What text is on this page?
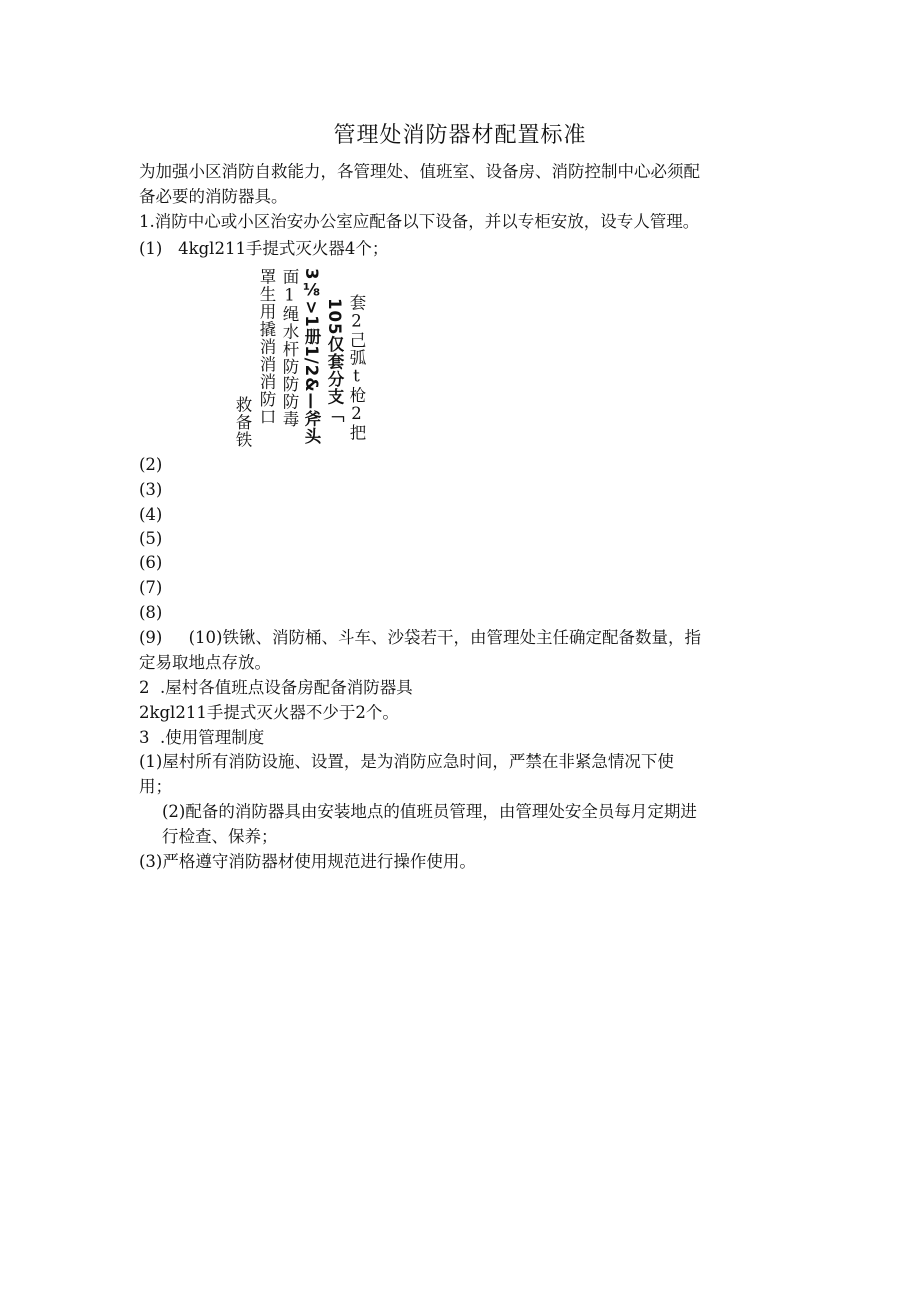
管理处消防器材配置标准
为加强小区消防自救能力，各管理处、值班室、设备房、消防控制中心必须配
备必要的消防器具。
1.消防中心或小区治安办公室应配备以下设备，并以专柜安放，设专人管理。
(1)   4kgl211手提式灭火器4个；
救备铁 罩生用撬消消消防口 面1绳水杆防防防毒 3⅛>1册1/2&—斧头 105仅套分支「 套2己弧t枪2把
(2)
(3)
(4)
(5)
(6)
(7)
(8)
(9)     (10)铁锹、消防桶、斗车、沙袋若干，由管理处主任确定配备数量，指
定易取地点存放。
2  .屋村各值班点设备房配备消防器具
2kgl211手提式灭火器不少于2个。
3  .使用管理制度
(1)屋村所有消防设施、设置，是为消防应急时间，严禁在非紧急情况下使
用；
(2)配备的消防器具由安装地点的值班员管理，由管理处安全员每月定期进
行检查、保养；
(3)严格遵守消防器材使用规范进行操作使用。
